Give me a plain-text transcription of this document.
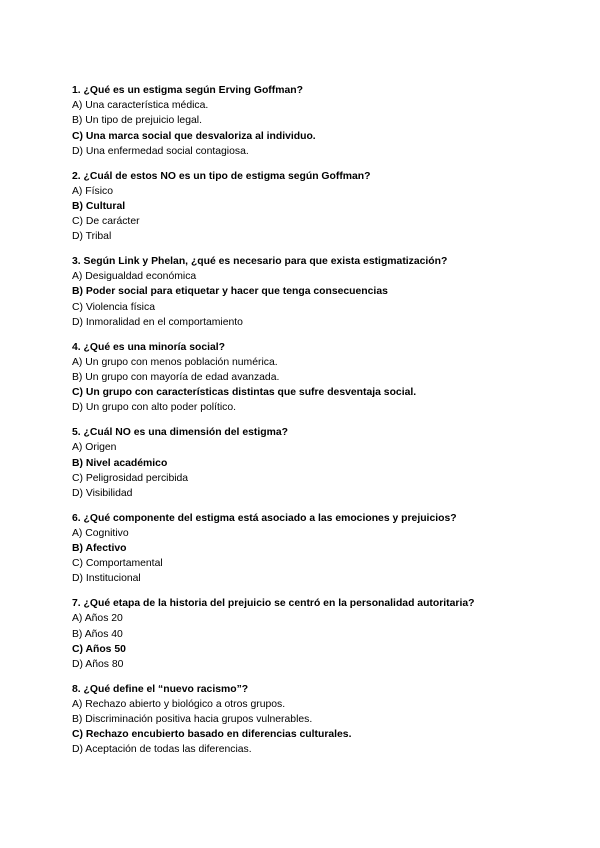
1. ¿Qué es un estigma según Erving Goffman?
A) Una característica médica.
B) Un tipo de prejuicio legal.
C) Una marca social que desvaloriza al individuo.
D) Una enfermedad social contagiosa.
2. ¿Cuál de estos NO es un tipo de estigma según Goffman?
A) Físico
B) Cultural
C) De carácter
D) Tribal
3. Según Link y Phelan, ¿qué es necesario para que exista estigmatización?
A) Desigualdad económica
B) Poder social para etiquetar y hacer que tenga consecuencias
C) Violencia física
D) Inmoralidad en el comportamiento
4. ¿Qué es una minoría social?
A) Un grupo con menos población numérica.
B) Un grupo con mayoría de edad avanzada.
C) Un grupo con características distintas que sufre desventaja social.
D) Un grupo con alto poder político.
5. ¿Cuál NO es una dimensión del estigma?
A) Origen
B) Nivel académico
C) Peligrosidad percibida
D) Visibilidad
6. ¿Qué componente del estigma está asociado a las emociones y prejuicios?
A) Cognitivo
B) Afectivo
C) Comportamental
D) Institucional
7. ¿Qué etapa de la historia del prejuicio se centró en la personalidad autoritaria?
A) Años 20
B) Años 40
C) Años 50
D) Años 80
8. ¿Qué define el “nuevo racismo”?
A) Rechazo abierto y biológico a otros grupos.
B) Discriminación positiva hacia grupos vulnerables.
C) Rechazo encubierto basado en diferencias culturales.
D) Aceptación de todas las diferencias.
